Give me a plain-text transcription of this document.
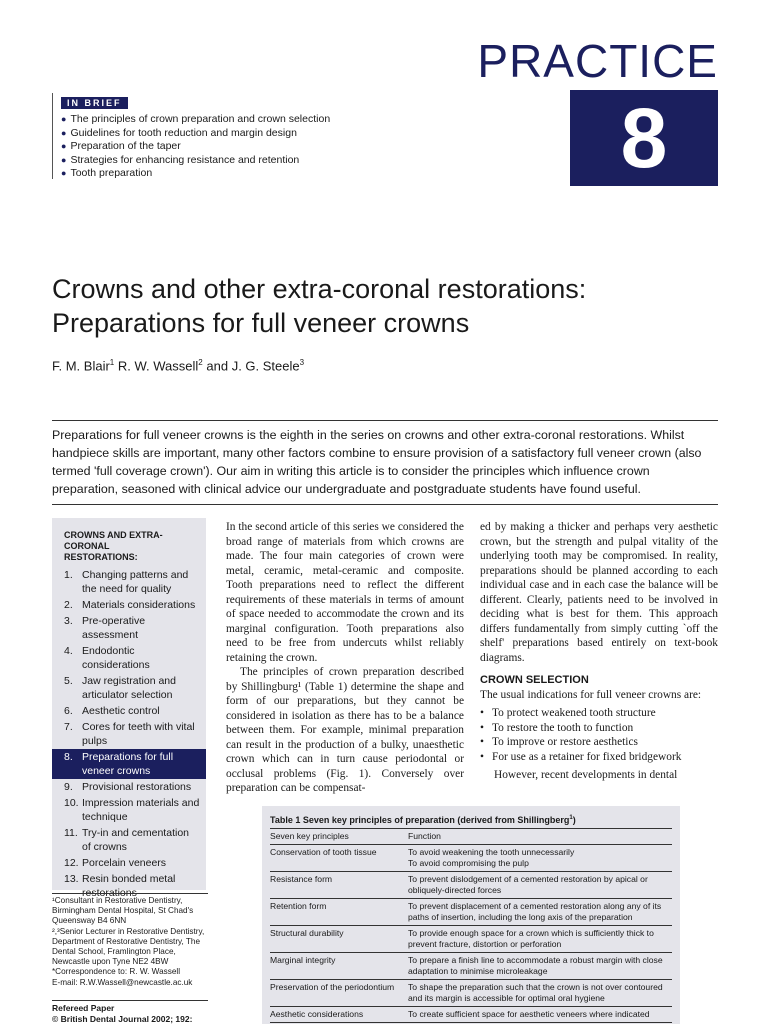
PRACTICE
8
IN BRIEF
● The principles of crown preparation and crown selection
● Guidelines for tooth reduction and margin design
● Preparation of the taper
● Strategies for enhancing resistance and retention
● Tooth preparation
Crowns and other extra-coronal restorations:
Preparations for full veneer crowns
F. M. Blair$^1$ R. W. Wassell$^2$ and J. G. Steele$^3$

Preparations for full veneer crowns is the eighth in the series on crowns and other extra-coronal restorations. Whilst handpiece skills are important, many other factors combine to ensure provision of a satisfactory full veneer crown (also termed 'full coverage crown'). Our aim in writing this article is to consider the principles which influence crown preparation, seasoned with clinical advice our undergraduate and postgraduate students have found useful.

CROWNS AND EXTRA-CORONAL
RESTORATIONS:
1. Changing patterns and the need for quality
2. Materials considerations
3. Pre-operative assessment
4. Endodontic considerations
5. Jaw registration and articulator selection
6. Aesthetic control
7. Cores for teeth with vital pulps
8. Preparations for full veneer crowns
9. Provisional restorations
10. Impression materials and technique
11. Try-in and cementation of crowns
12. Porcelain veneers
13. Resin bonded metal restorations

¹Consultant in Restorative Dentistry, Birmingham Dental Hospital, St Chad's Queensway B4 6NN

²,³Senior Lecturer in Restorative Dentistry, Department of Restorative Dentistry, The Dental School, Framlington Place, Newcastle upon Tyne NE2 4BW

*Correspondence to: R. W. Wassell

E-mail: R.W.Wassell@newcastle.ac.uk

Refereed Paper
© British Dental Journal 2002; 192:

In the second article of this series we considered the broad range of materials from which crowns are made. The four main categories of crown were metal, ceramic, metal-ceramic and composite. Tooth preparations need to reflect the different requirements of these materials in terms of amount of space needed to accommodate the crown and its marginal configuration. Tooth preparations also need to be free from undercuts whilst reliably retaining the crown.

The principles of crown preparation described by Shillingburg¹ (Table 1) determine the shape and form of our preparations, but they cannot be considered in isolation as there has to be a balance between them. For example, minimal preparation can result in the production of a bulky, unaesthetic crown which can in turn cause periodontal or occlusal problems (Fig. 1). Conversely over preparation can be compensat-

ed by making a thicker and perhaps very aesthetic crown, but the strength and pulpal vitality of the underlying tooth may be compromised. In reality, preparations should be planned according to each individual case and in each case the balance will be different. Clearly, patients need to be involved in deciding what is best for them. This approach differs fundamentally from simply cutting `off the shelf' preparations based entirely on text-book diagrams.

CROWN SELECTION

The usual indications for full veneer crowns are:

• To protect weakened tooth structure
• To restore the tooth to function
• To improve or restore aesthetics
• For use as a retainer for fixed bridgework

However, recent developments in dental

Table 1 Seven key principles of preparation (derived from Shillingberg$^1$)
Seven key principles	Function
Conservation of tooth tissue	To avoid weakening the tooth unnecessarily
To avoid compromising the pulp
Resistance form	To prevent dislodgement of a cemented restoration by apical or obliquely-directed forces
Retention form	To prevent displacement of a cemented restoration along any of its paths of insertion, including the long axis of the preparation
Structural durability	To provide enough space for a crown which is sufficiently thick to prevent fracture, distortion or perforation
Marginal integrity	To prepare a finish line to accommodate a robust margin with close adaptation to minimise microleakage
Preservation of the periodontium	To shape the preparation such that the crown is not over contoured and its margin is accessible for optimal oral hygiene
Aesthetic considerations	To create sufficient space for aesthetic veneers where indicated
